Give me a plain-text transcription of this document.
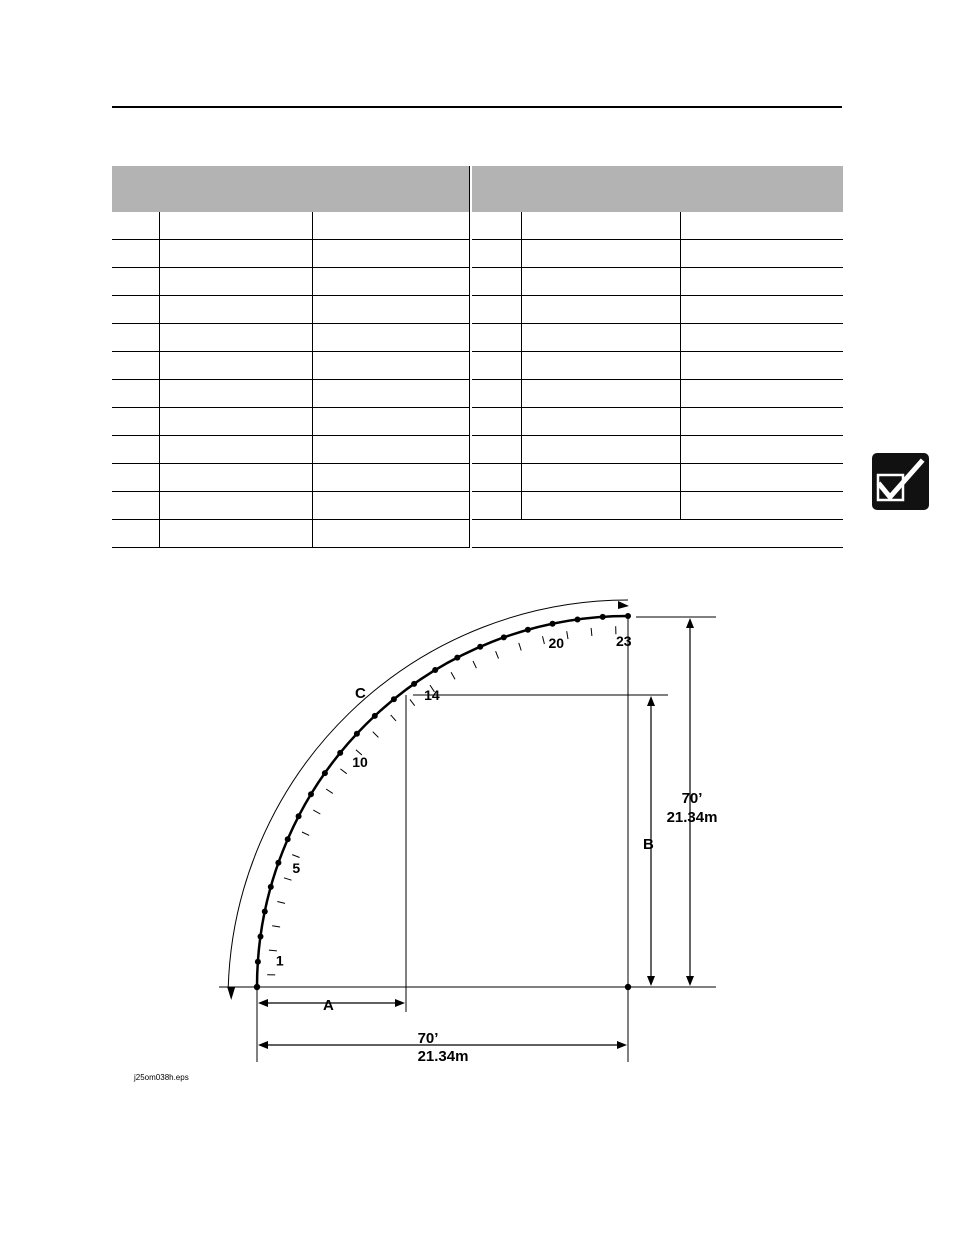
C
A
B
70’
21.34m
70’
21.34m
1
5
10
14
20	23
j25om038h.eps
